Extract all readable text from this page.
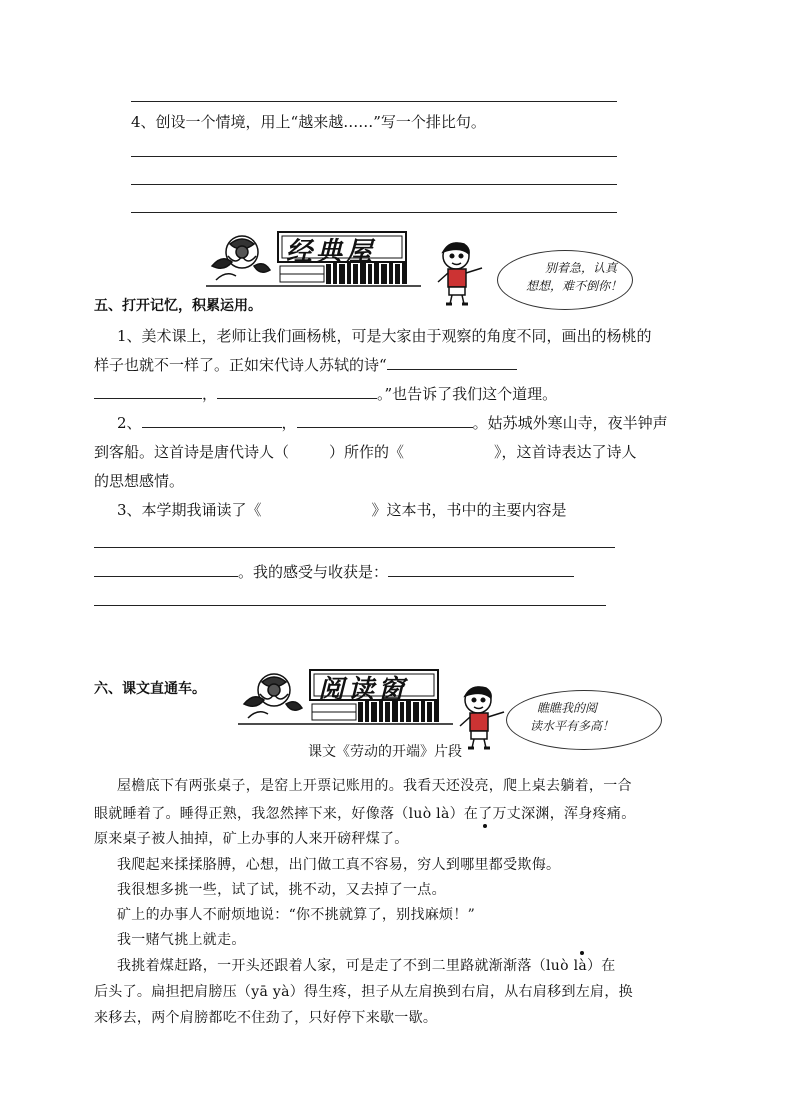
4、创设一个情境，用上“越来越……”写一个排比句。
经典屋
别着急，认真
想想，难不倒你！
五、打开记忆，积累运用。
1、美术课上，老师让我们画杨桃，可是大家由于观察的角度不同，画出的杨桃的
样子也就不一样了。正如宋代诗人苏轼的诗“
，	。”也告诉了我们这个道理。
2、	，	。姑苏城外寒山寺，夜半钟声
到客船。这首诗是唐代诗人（	）所作的《	》，这首诗表达了诗人
的思想感情。
3、本学期我诵读了《	》这本书，书中的主要内容是
。我的感受与收获是：
六、课文直通车。	阅读窗
瞧瞧我的阅
读水平有多高！
课文《劳动的开端》片段
屋檐底下有两张桌子，是窑上开票记账用的。我看天还没亮，爬上桌去躺着，一合
眼就睡着了。睡得正熟，我忽然摔下来，好像落（luò là）在了万丈深渊，浑身疼痛。
原来桌子被人抽掉，矿上办事的人来开磅秤煤了。
我爬起来揉揉胳膊，心想，出门做工真不容易，穷人到哪里都受欺侮。
我很想多挑一些，试了试，挑不动，又去掉了一点。
矿上的办事人不耐烦地说：“你不挑就算了，别找麻烦！”
我一赌气挑上就走。
我挑着煤赶路，一开头还跟着人家，可是走了不到二里路就渐渐落（luò là）在
后头了。扁担把肩膀压（yā yà）得生疼，担子从左肩换到右肩，从右肩移到左肩，换
来移去，两个肩膀都吃不住劲了，只好停下来歇一歇。
